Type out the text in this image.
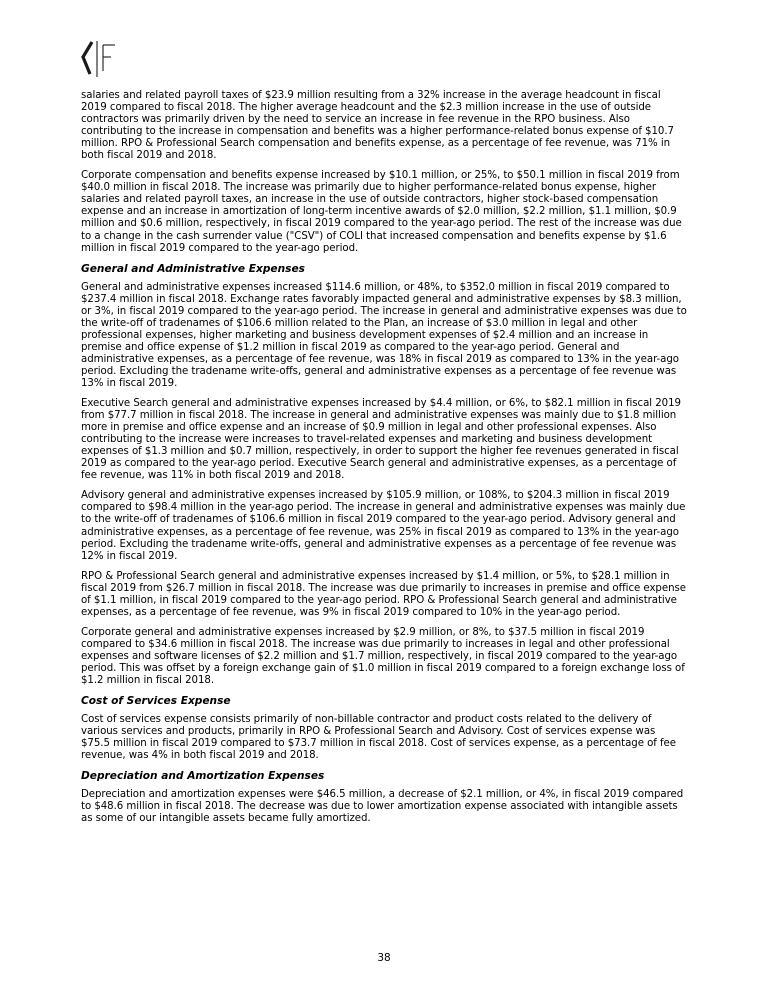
salaries and related payroll taxes of $23.9 million resulting from a 32% increase in the average headcount in fiscal 2019 compared to fiscal 2018. The higher average headcount and the $2.3 million increase in the use of outside contractors was primarily driven by the need to service an increase in fee revenue in the RPO business. Also contributing to the increase in compensation and benefits was a higher performance-related bonus expense of $10.7 million. RPO & Professional Search compensation and benefits expense, as a percentage of fee revenue, was 71% in both fiscal 2019 and 2018.

Corporate compensation and benefits expense increased by $10.1 million, or 25%, to $50.1 million in fiscal 2019 from $40.0 million in fiscal 2018. The increase was primarily due to higher performance-related bonus expense, higher salaries and related payroll taxes, an increase in the use of outside contractors, higher stock-based compensation expense and an increase in amortization of long-term incentive awards of $2.0 million, $2.2 million, $1.1 million, $0.9 million and $0.6 million, respectively, in fiscal 2019 compared to the year-ago period. The rest of the increase was due to a change in the cash surrender value ("CSV") of COLI that increased compensation and benefits expense by $1.6 million in fiscal 2019 compared to the year-ago period.

General and Administrative Expenses

General and administrative expenses increased $114.6 million, or 48%, to $352.0 million in fiscal 2019 compared to $237.4 million in fiscal 2018. Exchange rates favorably impacted general and administrative expenses by $8.3 million, or 3%, in fiscal 2019 compared to the year-ago period. The increase in general and administrative expenses was due to the write-off of tradenames of $106.6 million related to the Plan, an increase of $3.0 million in legal and other professional expenses, higher marketing and business development expenses of $2.4 million and an increase in premise and office expense of $1.2 million in fiscal 2019 as compared to the year-ago period. General and administrative expenses, as a percentage of fee revenue, was 18% in fiscal 2019 as compared to 13% in the year-ago period. Excluding the tradename write-offs, general and administrative expenses as a percentage of fee revenue was 13% in fiscal 2019.

Executive Search general and administrative expenses increased by $4.4 million, or 6%, to $82.1 million in fiscal 2019 from $77.7 million in fiscal 2018. The increase in general and administrative expenses was mainly due to $1.8 million more in premise and office expense and an increase of $0.9 million in legal and other professional expenses. Also contributing to the increase were increases to travel-related expenses and marketing and business development expenses of $1.3 million and $0.7 million, respectively, in order to support the higher fee revenues generated in fiscal 2019 as compared to the year-ago period. Executive Search general and administrative expenses, as a percentage of fee revenue, was 11% in both fiscal 2019 and 2018.

Advisory general and administrative expenses increased by $105.9 million, or 108%, to $204.3 million in fiscal 2019 compared to $98.4 million in the year-ago period. The increase in general and administrative expenses was mainly due to the write-off of tradenames of $106.6 million in fiscal 2019 compared to the year-ago period. Advisory general and administrative expenses, as a percentage of fee revenue, was 25% in fiscal 2019 as compared to 13% in the year-ago period. Excluding the tradename write-offs, general and administrative expenses as a percentage of fee revenue was 12% in fiscal 2019.

RPO & Professional Search general and administrative expenses increased by $1.4 million, or 5%, to $28.1 million in fiscal 2019 from $26.7 million in fiscal 2018. The increase was due primarily to increases in premise and office expense of $1.1 million, in fiscal 2019 compared to the year-ago period. RPO & Professional Search general and administrative expenses, as a percentage of fee revenue, was 9% in fiscal 2019 compared to 10% in the year-ago period.

Corporate general and administrative expenses increased by $2.9 million, or 8%, to $37.5 million in fiscal 2019 compared to $34.6 million in fiscal 2018. The increase was due primarily to increases in legal and other professional expenses and software licenses of $2.2 million and $1.7 million, respectively, in fiscal 2019 compared to the year-ago period. This was offset by a foreign exchange gain of $1.0 million in fiscal 2019 compared to a foreign exchange loss of $1.2 million in fiscal 2018.

Cost of Services Expense

Cost of services expense consists primarily of non-billable contractor and product costs related to the delivery of various services and products, primarily in RPO & Professional Search and Advisory. Cost of services expense was $75.5 million in fiscal 2019 compared to $73.7 million in fiscal 2018. Cost of services expense, as a percentage of fee revenue, was 4% in both fiscal 2019 and 2018.

Depreciation and Amortization Expenses

Depreciation and amortization expenses were $46.5 million, a decrease of $2.1 million, or 4%, in fiscal 2019 compared to $48.6 million in fiscal 2018. The decrease was due to lower amortization expense associated with intangible assets as some of our intangible assets became fully amortized.

38
